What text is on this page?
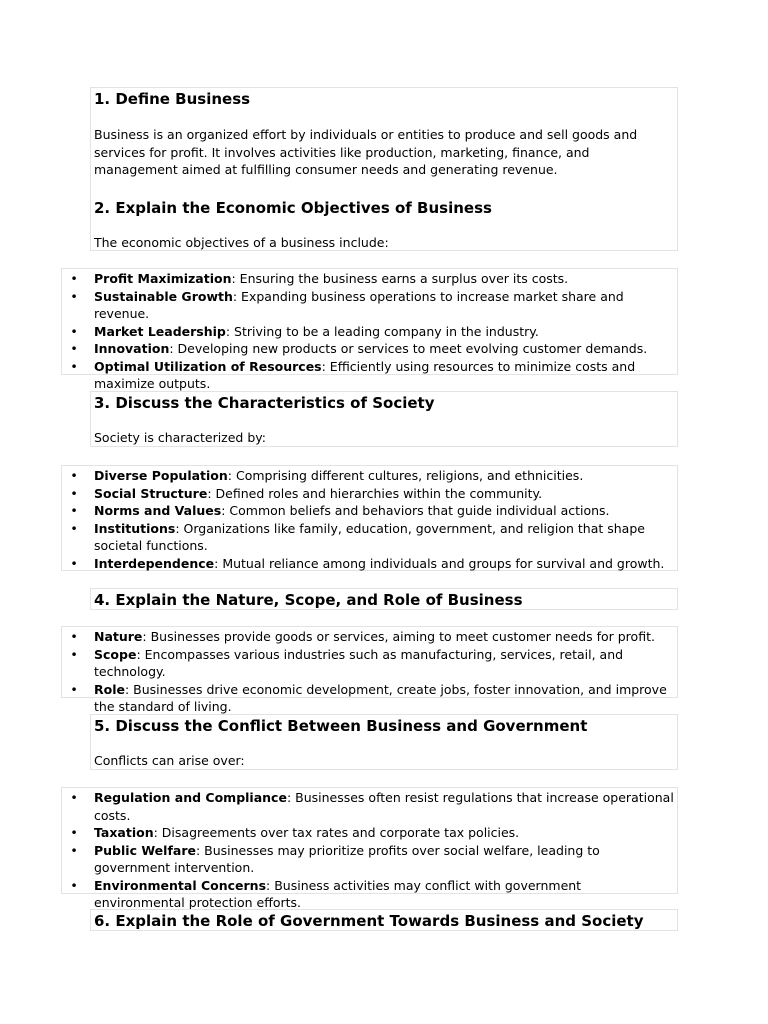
1. Define Business

Business is an organized effort by individuals or entities to produce and sell goods and services for profit. It involves activities like production, marketing, finance, and management aimed at fulfilling consumer needs and generating revenue.

2. Explain the Economic Objectives of Business

The economic objectives of a business include:

• Profit Maximization: Ensuring the business earns a surplus over its costs.
• Sustainable Growth: Expanding business operations to increase market share and revenue.
• Market Leadership: Striving to be a leading company in the industry.
• Innovation: Developing new products or services to meet evolving customer demands.
• Optimal Utilization of Resources: Efficiently using resources to minimize costs and maximize outputs.
3. Discuss the Characteristics of Society

Society is characterized by:

• Diverse Population: Comprising different cultures, religions, and ethnicities.
• Social Structure: Defined roles and hierarchies within the community.
• Norms and Values: Common beliefs and behaviors that guide individual actions.
• Institutions: Organizations like family, education, government, and religion that shape societal functions.
• Interdependence: Mutual reliance among individuals and groups for survival and growth.
4. Explain the Nature, Scope, and Role of Business
• Nature: Businesses provide goods or services, aiming to meet customer needs for profit.
• Scope: Encompasses various industries such as manufacturing, services, retail, and technology.
• Role: Businesses drive economic development, create jobs, foster innovation, and improve the standard of living.
5. Discuss the Conflict Between Business and Government

Conflicts can arise over:

• Regulation and Compliance: Businesses often resist regulations that increase operational costs.
• Taxation: Disagreements over tax rates and corporate tax policies.
• Public Welfare: Businesses may prioritize profits over social welfare, leading to government intervention.
• Environmental Concerns: Business activities may conflict with government environmental protection efforts.
6. Explain the Role of Government Towards Business and Society
